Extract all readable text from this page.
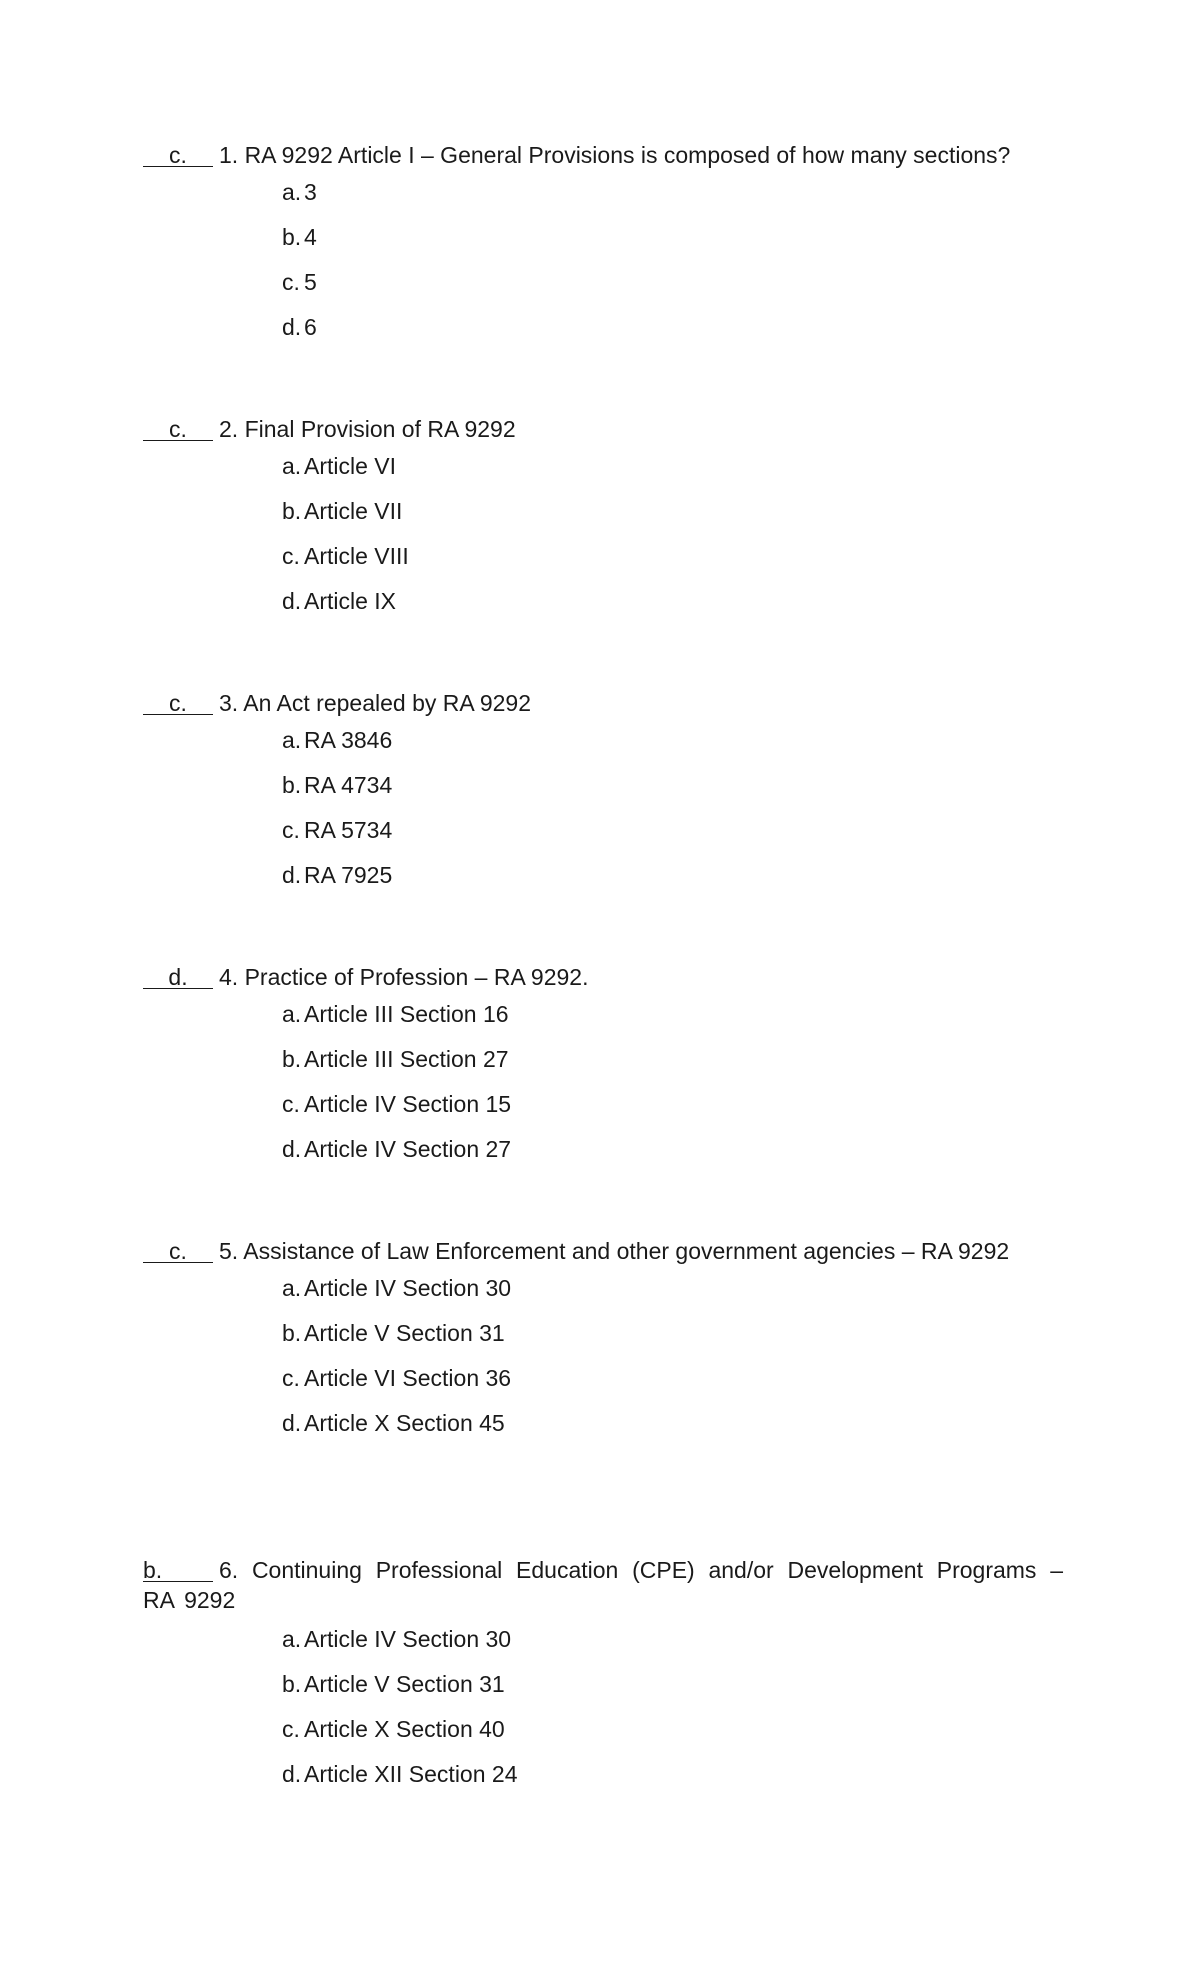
c. 1. RA 9292 Article I – General Provisions is composed of how many sections?
a. 3
b. 4
c. 5
d. 6
c. 2. Final Provision of RA 9292
a. Article VI
b. Article VII
c. Article VIII
d. Article IX
c. 3. An Act repealed by RA 9292
a. RA 3846
b. RA 4734
c. RA 5734
d. RA 7925
d. 4. Practice of Profession – RA 9292.
a. Article III Section 16
b. Article III Section 27
c. Article IV Section 15
d. Article IV Section 27
c. 5. Assistance of Law Enforcement and other government agencies – RA 9292
a. Article IV Section 30
b. Article V Section 31
c. Article VI Section 36
d. Article X Section 45
b. 6. Continuing Professional Education (CPE) and/or Development Programs – RA 9292
a. Article IV Section 30
b. Article V Section 31
c. Article X Section 40
d. Article XII Section 24
